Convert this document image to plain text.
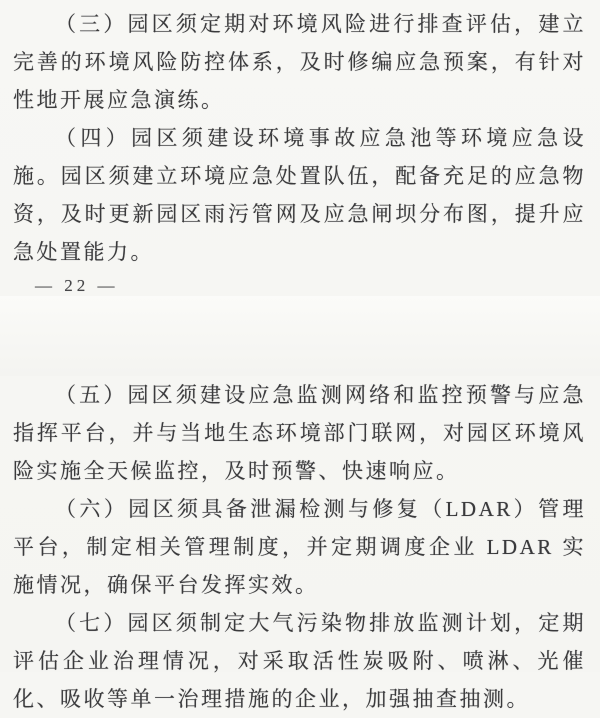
（三）园区须定期对环境风险进行排查评估，建立完善的环境风险防控体系，及时修编应急预案，有针对性地开展应急演练。

（四）园区须建设环境事故应急池等环境应急设施。园区须建立环境应急处置队伍，配备充足的应急物资，及时更新园区雨污管网及应急闸坝分布图，提升应急处置能力。

— 22 —

（五）园区须建设应急监测网络和监控预警与应急指挥平台，并与当地生态环境部门联网，对园区环境风险实施全天候监控，及时预警、快速响应。

（六）园区须具备泄漏检测与修复（LDAR）管理平台，制定相关管理制度，并定期调度企业 LDAR 实施情况，确保平台发挥实效。

（七）园区须制定大气污染物排放监测计划，定期评估企业治理情况，对采取活性炭吸附、喷淋、光催化、吸收等单一治理措施的企业，加强抽查抽测。
